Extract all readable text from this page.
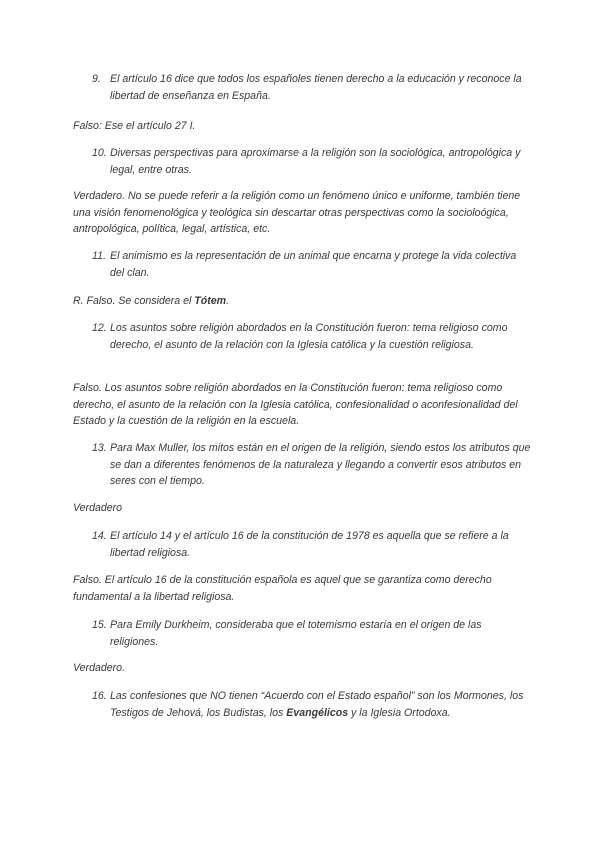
9. El artículo 16 dice que todos los españoles tienen derecho a la educación y reconoce la libertad de enseñanza en España.
Falso: Ese el artículo 27 I.
10. Diversas perspectivas para aproximarse a la religión son la sociológica, antropológica y legal, entre otras.
Verdadero. No se puede referir a la religión como un fenómeno único e uniforme, también tiene una visión fenomenológica y teológica sin descartar otras perspectivas como la socioloógica, antropológica, política, legal, artística, etc.
11. El animismo es la representación de un animal que encarna y protege la vida colectiva del clan.
R. Falso. Se considera el Tótem.
12. Los asuntos sobre religión abordados en la Constitución fueron: tema religioso como derecho, el asunto de la relación con la Iglesia católica y la cuestión religiosa.
Falso. Los asuntos sobre religión abordados en la Constitución fueron: tema religioso como derecho, el asunto de la relación con la Iglesia católica, confesionalidad o aconfesionalidad del Estado y la cuestión de la religión en la escuela.
13. Para Max Muller, los mitos están en el origen de la religión, siendo estos los atributos que se dan a diferentes fenómenos de la naturaleza y llegando a convertir esos atributos en seres con el tiempo.
Verdadero
14. El artículo 14 y el artículo 16 de la constitución de 1978 es aquella que se refiere a la libertad religiosa.
Falso. El artículo 16 de la constitución española es aquel que se garantiza como derecho fundamental a la libertad religiosa.
15. Para Emily Durkheim, consideraba que el totemismo estaría en el origen de las religiones.
Verdadero.
16. Las confesiones que NO tienen “Acuerdo con el Estado español” son los Mormones, los Testigos de Jehová, los Budistas, los Evangélicos y la Iglesia Ortodoxa.
